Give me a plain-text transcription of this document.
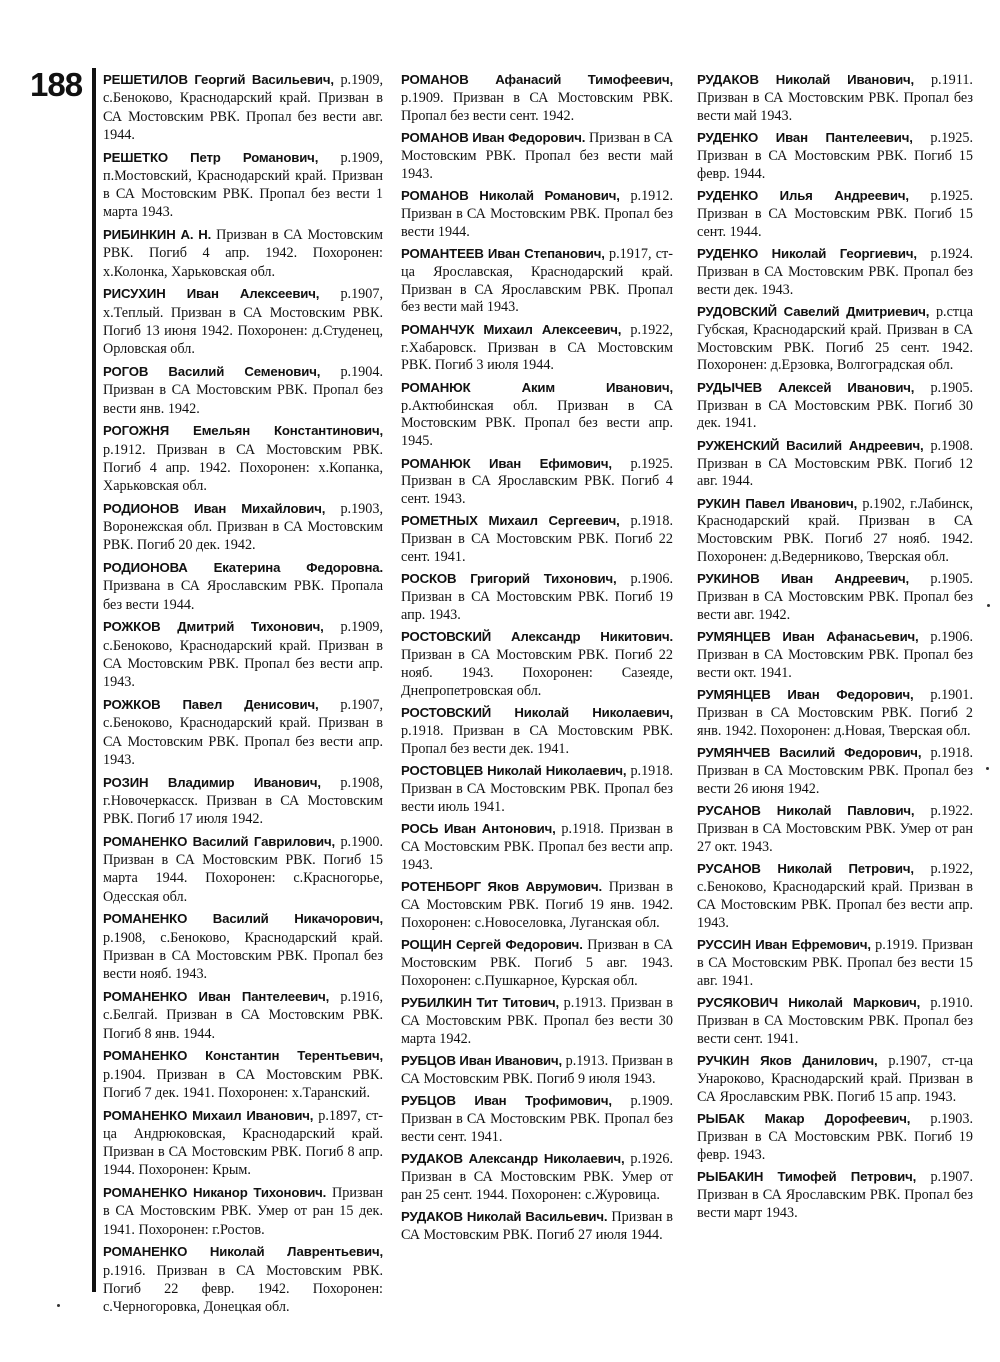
188 РЕШЕТИЛОВ Георгий Васильевич, р.1909, с.Беноково, Краснодарский край. Призван в СА Мостовским РВК. Пропал без вести авг. 1944.

РЕШЕТКО Петр Романович, р.1909, п.Мостовский, Краснодарский край. Призван в СА Мостовским РВК. Пропал без вести 1 марта 1943.

РИБИНКИН А. Н. Призван в СА Мостовским РВК. Погиб 4 апр. 1942. Похоронен: х.Колонка, Харьковская обл.

РИСУХИН Иван Алексеевич, р.1907, х.Теплый. Призван в СА Мостовским РВК. Погиб 13 июня 1942. Похоронен: д.Студенец, Орловская обл.

РОГОВ Василий Семенович, р.1904. Призван в СА Мостовским РВК. Пропал без вести янв. 1942.

РОГОЖНЯ Емельян Константинович, р.1912. Призван в СА Мостовским РВК. Погиб 4 апр. 1942. Похоронен: х.Копанка, Харьковская обл.

РОДИОНОВ Иван Михайлович, р.1903, Воронежская обл. Призван в СА Мостовским РВК. Погиб 20 дек. 1942.

РОДИОНОВА Екатерина Федоровна. Призвана в СА Ярославским РВК. Пропала без вести 1944.

РОЖКОВ Дмитрий Тихонович, р.1909, с.Беноково, Краснодарский край. Призван в СА Мостовским РВК. Пропал без вести апр. 1943.

РОЖКОВ Павел Денисович, р.1907, с.Беноково, Краснодарский край. Призван в СА Мостовским РВК. Пропал без вести апр. 1943.

РОЗИН Владимир Иванович, р.1908, г.Новочеркасск. Призван в СА Мостовским РВК. Погиб 17 июля 1942.

РОМАНЕНКО Василий Гаврилович, р.1900. Призван в СА Мостовским РВК. Погиб 15 марта 1944. Похоронен: с.Красногорье, Одесская обл.

РОМАНЕНКО Василий Никачорович, р.1908, с.Беноково, Краснодарский край. Призван в СА Мостовским РВК. Пропал без вести нояб. 1943.

РОМАНЕНКО Иван Пантелеевич, р.1916, с.Белгай. Призван в СА Мостовским РВК. Погиб 8 янв. 1944.

РОМАНЕНКО Константин Терентьевич, р.1904. Призван в СА Мостовским РВК. Погиб 7 дек. 1941. Похоронен: х.Таранский.

РОМАНЕНКО Михаил Иванович, р.1897, ст-ца Андрюковская, Краснодарский край. Призван в СА Мостовским РВК. Погиб 8 апр. 1944. Похоронен: Крым.

РОМАНЕНКО Никанор Тихонович. Призван в СА Мостовским РВК. Умер от ран 15 дек. 1941. Похоронен: г.Ростов.

РОМАНЕНКО Николай Лаврентьевич, р.1916. Призван в СА Мостовским РВК. Погиб 22 февр. 1942. Похоронен: с.Черногоровка, Донецкая обл.

РОМАНОВ Афанасий Тимофеевич, р.1909. Призван в СА Мостовским РВК. Пропал без вести сент. 1942.

РОМАНОВ Иван Федорович. Призван в СА Мостовским РВК. Пропал без вести май 1943.

РОМАНОВ Николай Романович, р.1912. Призван в СА Мостовским РВК. Пропал без вести 1944.

РОМАНТЕЕВ Иван Степанович, р.1917, ст-ца Ярославская, Краснодарский край. Призван в СА Ярославским РВК. Пропал без вести май 1943.

РОМАНЧУК Михаил Алексеевич, р.1922, г.Хабаровск. Призван в СА Мостовским РВК. Погиб 3 июля 1944.

РОМАНЮК Аким Иванович, р.Актюбинская обл. Призван в СА Мостовским РВК. Пропал без вести апр. 1945.

РОМАНЮК Иван Ефимович, р.1925. Призван в СА Ярославским РВК. Погиб 4 сент. 1943.

РОМЕТНЫХ Михаил Сергеевич, р.1918. Призван в СА Мостовским РВК. Погиб 22 сент. 1941.

РОСКОВ Григорий Тихонович, р.1906. Призван в СА Мостовским РВК. Погиб 19 апр. 1943.

РОСТОВСКИЙ Александр Никитович. Призван в СА Мостовским РВК. Погиб 22 нояб. 1943. Похоронен: Сазеяде, Днепропетровская обл.

РОСТОВСКИЙ Николай Николаевич, р.1918. Призван в СА Мостовским РВК. Пропал без вести дек. 1941.

РОСТОВЦЕВ Николай Николаевич, р.1918. Призван в СА Мостовским РВК. Пропал без вести июль 1941.

РОСЬ Иван Антонович, р.1918. Призван в СА Мостовским РВК. Пропал без вести апр. 1943.

РОТЕНБОРГ Яков Аврумович. Призван в СА Мостовским РВК. Погиб 19 янв. 1942. Похоронен: с.Новоселовка, Луганская обл.

РОЩИН Сергей Федорович. Призван в СА Мостовским РВК. Погиб 5 авг. 1943. Похоронен: с.Пушкарное, Курская обл.

РУБИЛКИН Тит Титович, р.1913. Призван в СА Мостовским РВК. Пропал без вести 30 марта 1942.

РУБЦОВ Иван Иванович, р.1913. Призван в СА Мостовским РВК. Погиб 9 июля 1943.

РУБЦОВ Иван Трофимович, р.1909. Призван в СА Мостовским РВК. Пропал без вести сент. 1941.

РУДАКОВ Александр Николаевич, р.1926. Призван в СА Мостовским РВК. Умер от ран 25 сент. 1944. Похоронен: с.Журовица.

РУДАКОВ Николай Васильевич. Призван в СА Мостовским РВК. Погиб 27 июля 1944.

РУДАКОВ Николай Иванович, р.1911. Призван в СА Мостовским РВК. Пропал без вести май 1943.

РУДЕНКО Иван Пантелеевич, р.1925. Призван в СА Мостовским РВК. Погиб 15 февр. 1944.

РУДЕНКО Илья Андреевич, р.1925. Призван в СА Мостовским РВК. Погиб 15 сент. 1944.

РУДЕНКО Николай Георгиевич, р.1924. Призван в СА Мостовским РВК. Пропал без вести дек. 1943.

РУДОВСКИЙ Савелий Дмитриевич, р.стца Губская, Краснодарский край. Призван в СА Мостовским РВК. Погиб 25 сент. 1942. Похоронен: д.Ерзовка, Волгоградская обл.

РУДЫЧЕВ Алексей Иванович, р.1905. Призван в СА Мостовским РВК. Погиб 30 дек. 1941.

РУЖЕНСКИЙ Василий Андреевич, р.1908. Призван в СА Мостовским РВК. Погиб 12 авг. 1944.

РУКИН Павел Иванович, р.1902, г.Лабинск, Краснодарский край. Призван в СА Мостовским РВК. Погиб 27 нояб. 1942. Похоронен: д.Ведерниково, Тверская обл.

РУКИНОВ Иван Андреевич, р.1905. Призван в СА Мостовским РВК. Пропал без вести авг. 1942.

РУМЯНЦЕВ Иван Афанасьевич, р.1906. Призван в СА Мостовским РВК. Пропал без вести окт. 1941.

РУМЯНЦЕВ Иван Федорович, р.1901. Призван в СА Мостовским РВК. Погиб 2 янв. 1942. Похоронен: д.Новая, Тверская обл.

РУМЯНЧЕВ Василий Федорович, р.1918. Призван в СА Мостовским РВК. Пропал без вести 26 июня 1942.

РУСАНОВ Николай Павлович, р.1922. Призван в СА Мостовским РВК. Умер от ран 27 окт. 1943.

РУСАНОВ Николай Петрович, р.1922, с.Беноково, Краснодарский край. Призван в СА Мостовским РВК. Пропал без вести апр. 1943.

РУССИН Иван Ефремович, р.1919. Призван в СА Мостовским РВК. Пропал без вести 15 авг. 1941.

РУСЯКОВИЧ Николай Маркович, р.1910. Призван в СА Мостовским РВК. Пропал без вести сент. 1941.

РУЧКИН Яков Данилович, р.1907, ст-ца Унароково, Краснодарский край. Призван в СА Ярославским РВК. Погиб 15 апр. 1943.

РЫБАК Макар Дорофеевич, р.1903. Призван в СА Мостовским РВК. Погиб 19 февр. 1943.

РЫБАКИН Тимофей Петрович, р.1907. Призван в СА Ярославским РВК. Пропал без вести март 1943.
